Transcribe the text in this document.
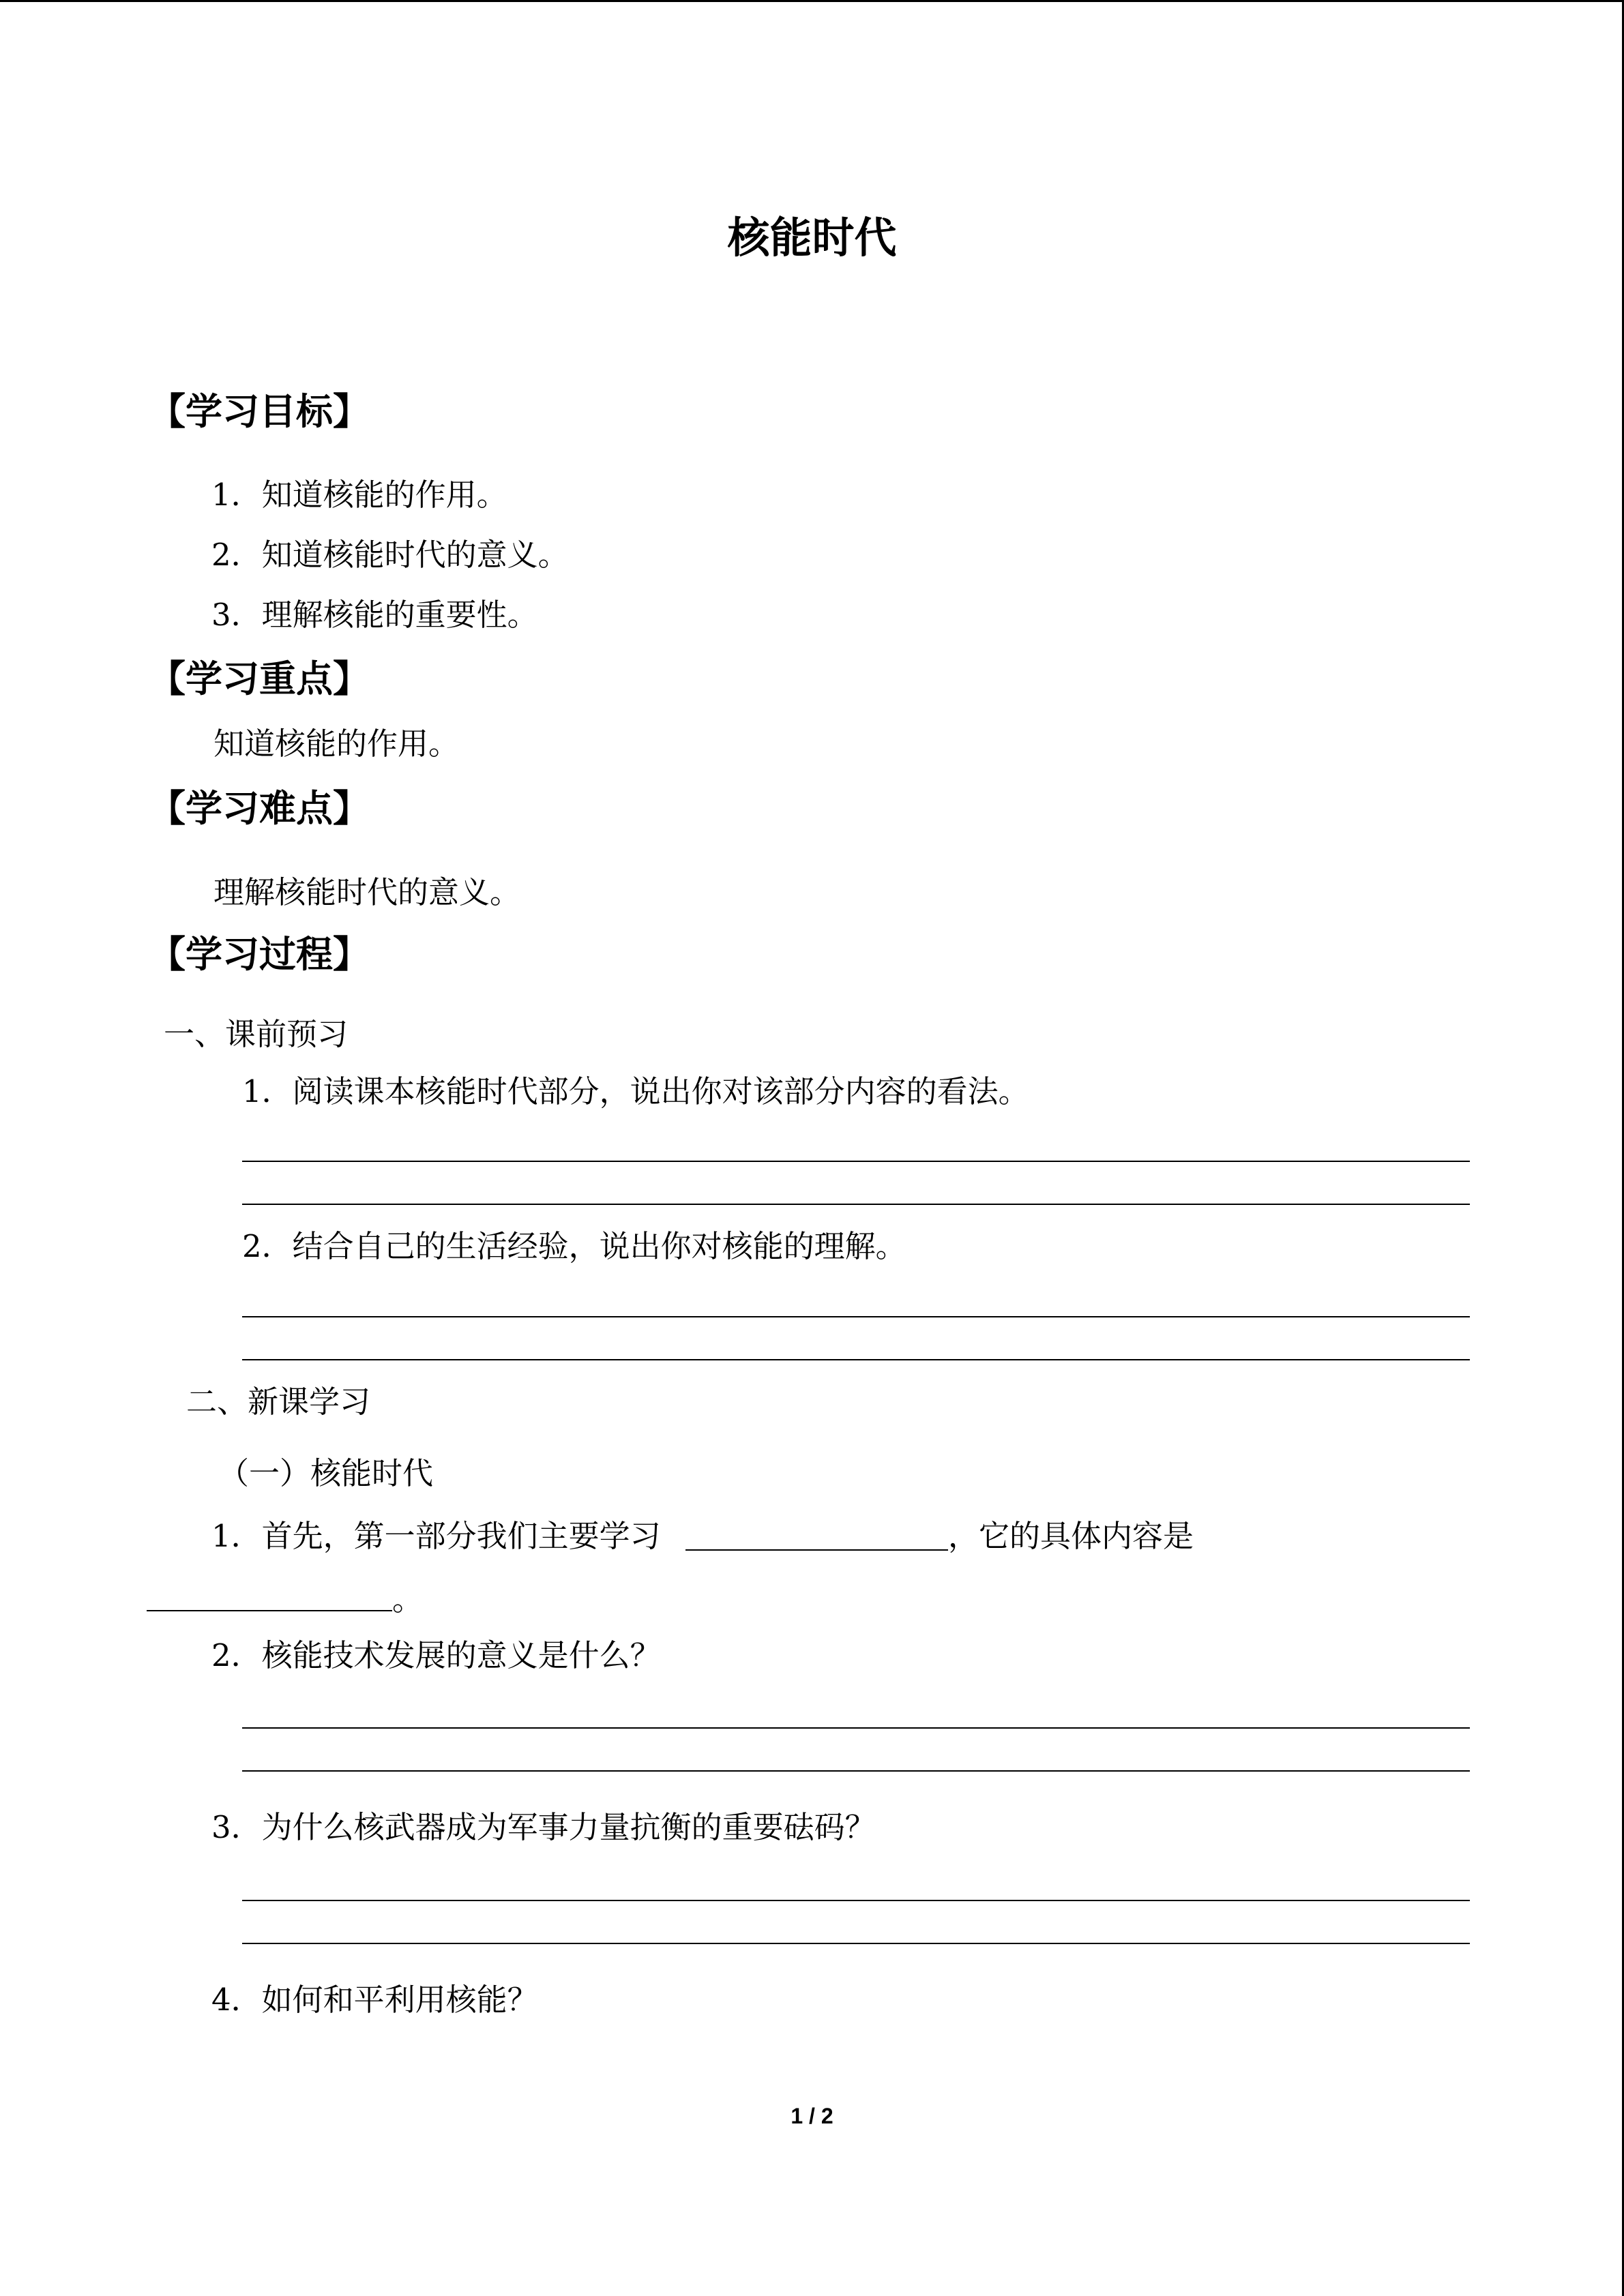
核能时代
【学习目标】
1．知道核能的作用。
2．知道核能时代的意义。
3．理解核能的重要性。
【学习重点】
知道核能的作用。
【学习难点】
理解核能时代的意义。
【学习过程】
一、课前预习
1．阅读课本核能时代部分，说出你对该部分内容的看法。
2．结合自己的生活经验，说出你对核能的理解。
二、新课学习
（一）核能时代
1．首先，第一部分我们主要学习	，它的具体内容是
。
2．核能技术发展的意义是什么？
3．为什么核武器成为军事力量抗衡的重要砝码？
4．如何和平利用核能？
1 / 2
